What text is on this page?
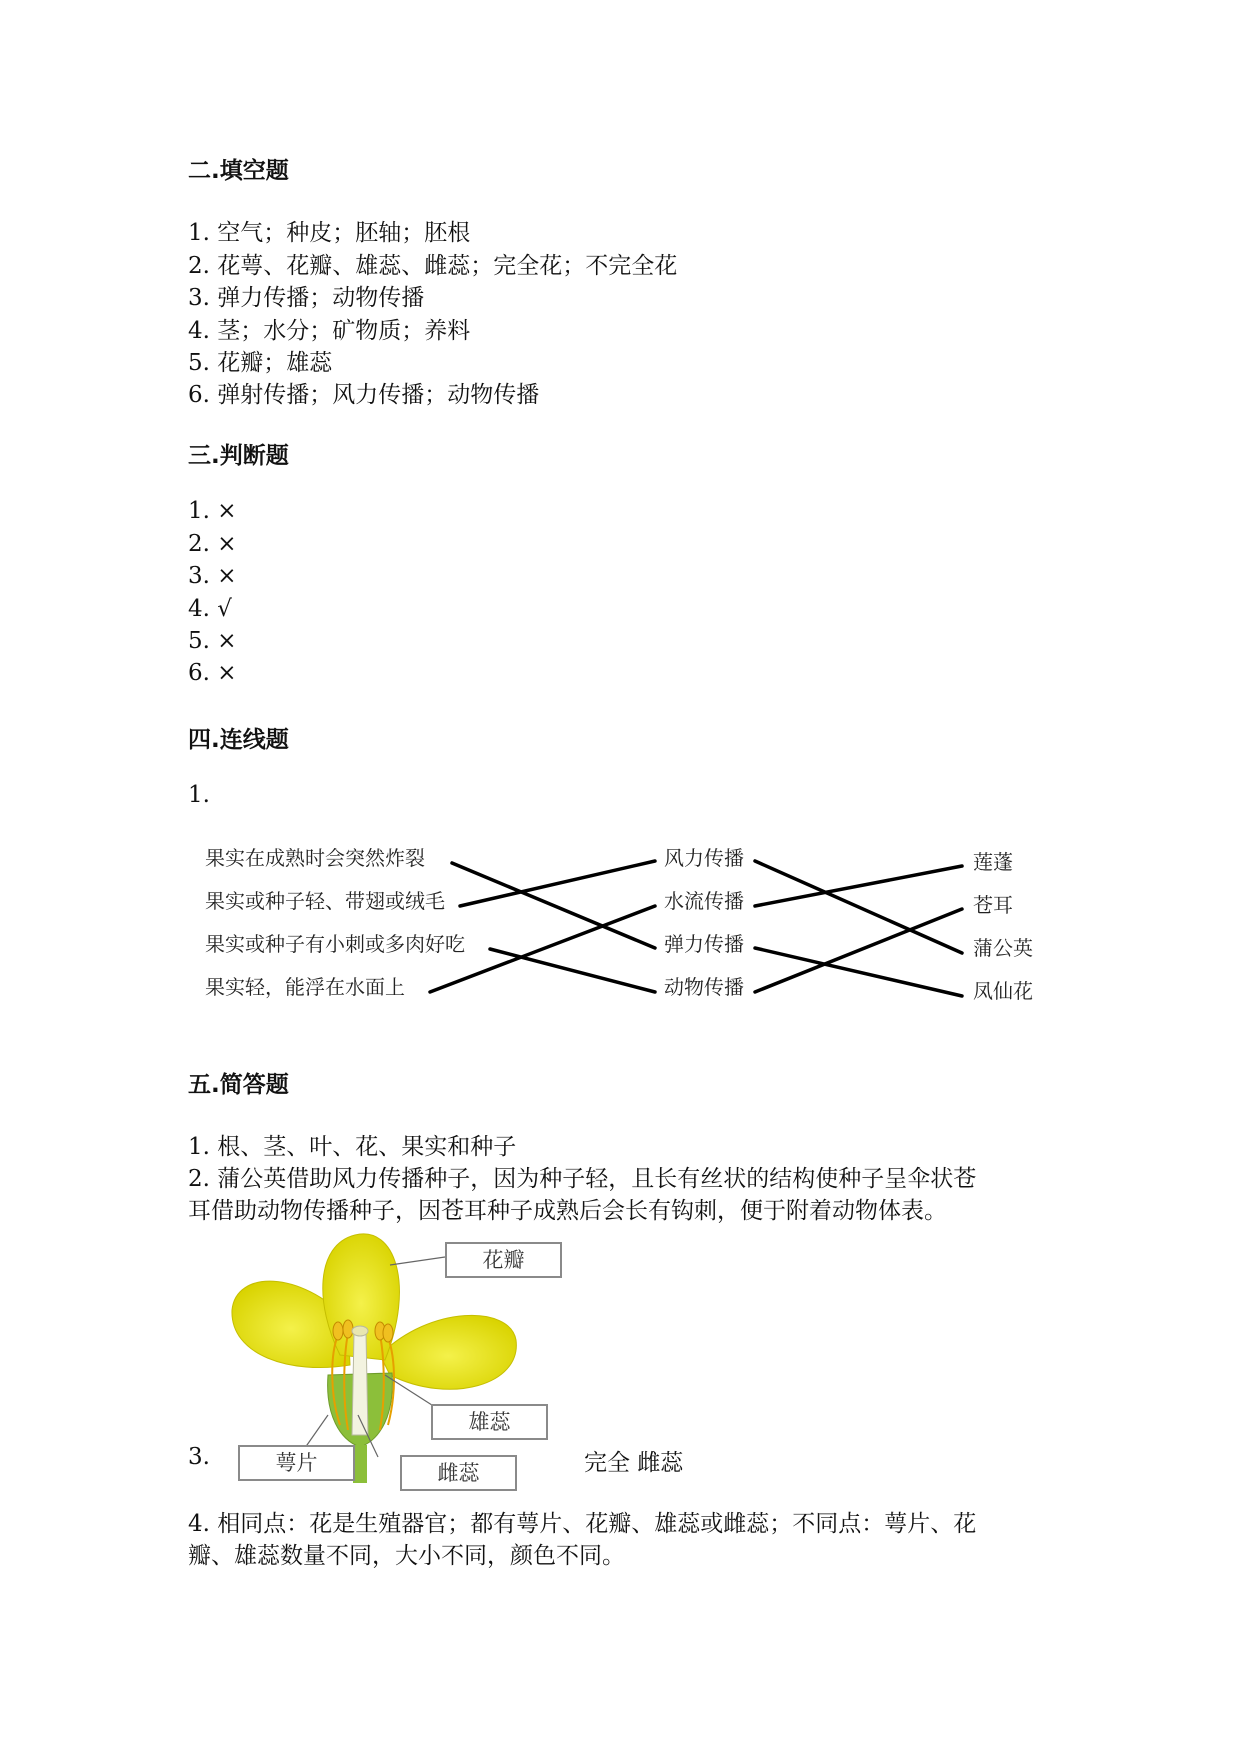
二.填空题
1. 空气；种皮；胚轴；胚根
2. 花萼、花瓣、雄蕊、雌蕊；完全花；不完全花
3. 弹力传播；动物传播
4. 茎；水分；矿物质；养料
5. 花瓣；雄蕊
6. 弹射传播；风力传播；动物传播
三.判断题
1. ×
2. ×
3. ×
4. √
5. ×
6. ×
四.连线题
1.
果实在成熟时会突然炸裂
果实或种子轻、带翅或绒毛
果实或种子有小刺或多肉好吃
果实轻，能浮在水面上
风力传播
水流传播
弹力传播
动物传播
莲蓬
苍耳
蒲公英
凤仙花
五.简答题
1. 根、茎、叶、花、果实和种子
2. 蒲公英借助风力传播种子，因为种子轻，且长有丝状的结构使种子呈伞状苍
耳借助动物传播种子，因苍耳种子成熟后会长有钩刺，便于附着动物体表。
花瓣
雄蕊
萼片	雌蕊
3.	完全 雌蕊
4. 相同点：花是生殖器官；都有萼片、花瓣、雄蕊或雌蕊；不同点：萼片、花
瓣、雄蕊数量不同，大小不同，颜色不同。
